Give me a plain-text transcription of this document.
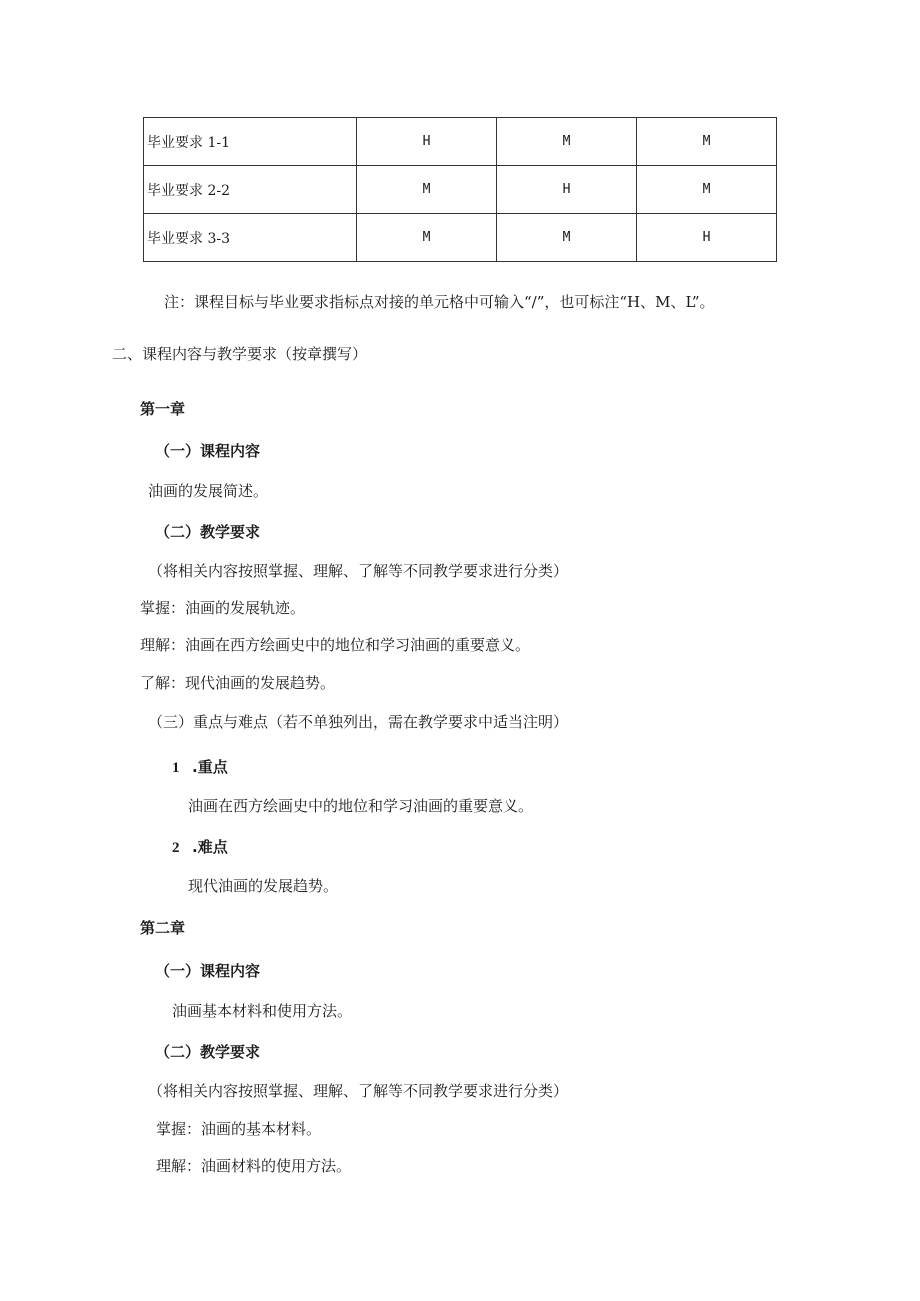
毕业要求 1-1	H	M	M
毕业要求 2-2	M	H	M
毕业要求 3-3	M	M	H
注：课程目标与毕业要求指标点对接的单元格中可输入“/”，也可标注“H、M、L”。
二、课程内容与教学要求（按章撰写）
第一章
（一）课程内容
油画的发展简述。
（二）教学要求
（将相关内容按照掌握、理解、了解等不同教学要求进行分类）
掌握：油画的发展轨迹。
理解：油画在西方绘画史中的地位和学习油画的重要意义。
了解：现代油画的发展趋势。
（三）重点与难点（若不单独列出，需在教学要求中适当注明）
1 .重点
油画在西方绘画史中的地位和学习油画的重要意义。
2 .难点
现代油画的发展趋势。
第二章
（一）课程内容
油画基本材料和使用方法。
（二）教学要求
（将相关内容按照掌握、理解、了解等不同教学要求进行分类）
掌握：油画的基本材料。
理解：油画材料的使用方法。
